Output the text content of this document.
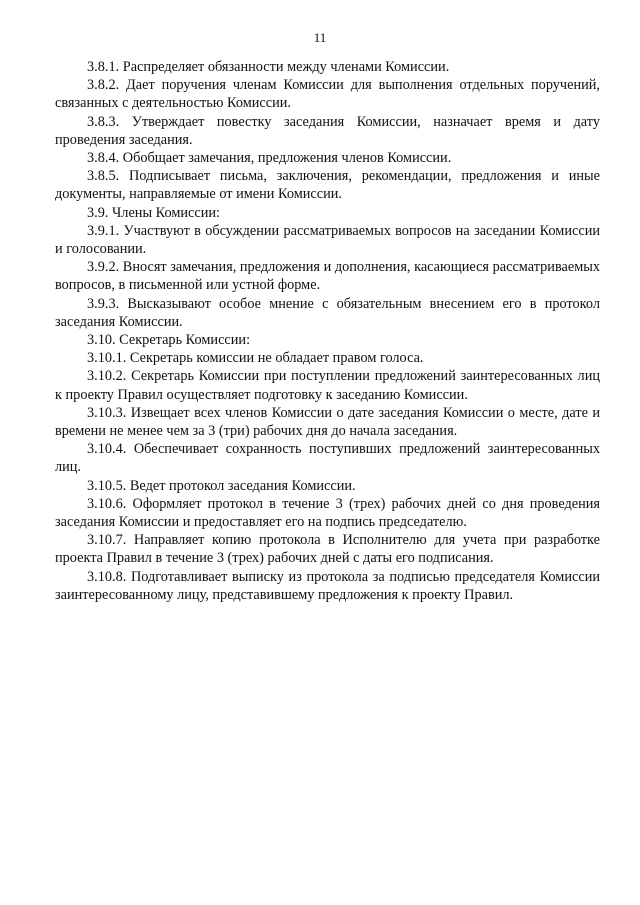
11

3.8.1. Распределяет обязанности между членами Комиссии.

3.8.2. Дает поручения членам Комиссии для выполнения отдельных поручений, связанных с деятельностью Комиссии.

3.8.3. Утверждает повестку заседания Комиссии, назначает время и дату проведения заседания.

3.8.4. Обобщает замечания, предложения членов Комиссии.

3.8.5. Подписывает письма, заключения, рекомендации, предложения и иные документы, направляемые от имени Комиссии.

3.9. Члены Комиссии:

3.9.1. Участвуют в обсуждении рассматриваемых вопросов на заседании Комиссии и голосовании.

3.9.2. Вносят замечания, предложения и дополнения, касающиеся рассматриваемых вопросов, в письменной или устной форме.

3.9.3. Высказывают особое мнение с обязательным внесением его в протокол заседания Комиссии.

3.10. Секретарь Комиссии:

3.10.1. Секретарь комиссии не обладает правом голоса.

3.10.2. Секретарь Комиссии при поступлении предложений заинтересованных лиц к проекту Правил осуществляет подготовку к заседанию Комиссии.

3.10.3. Извещает всех членов Комиссии о дате заседания Комиссии о месте, дате и времени не менее чем за 3 (три) рабочих дня до начала заседания.

3.10.4. Обеспечивает сохранность поступивших предложений заинтересованных лиц.

3.10.5. Ведет протокол заседания Комиссии.

3.10.6. Оформляет протокол в течение 3 (трех) рабочих дней со дня проведения заседания Комиссии и предоставляет его на подпись председателю.

3.10.7. Направляет копию протокола в Исполнителю для учета при разработке проекта Правил в течение 3 (трех) рабочих дней с даты его подписания.

3.10.8. Подготавливает выписку из протокола за подписью председателя Комиссии заинтересованному лицу, представившему предложения к проекту Правил.
